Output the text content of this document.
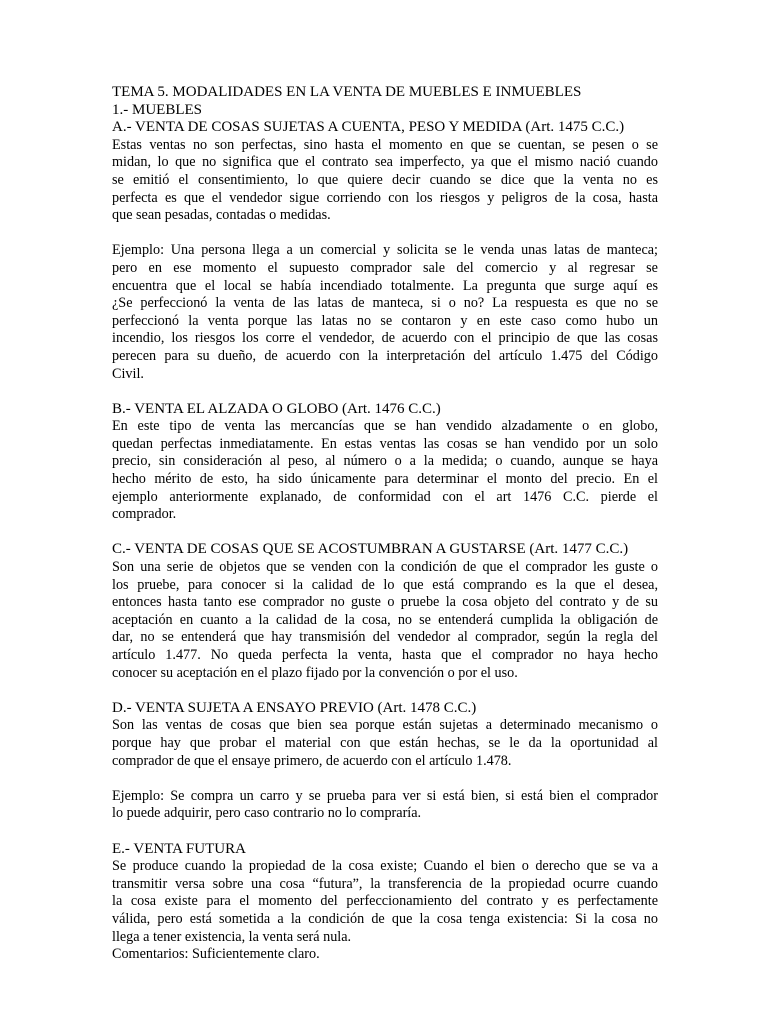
TEMA 5. MODALIDADES EN LA VENTA DE MUEBLES E INMUEBLES
1.- MUEBLES
A.- VENTA DE COSAS SUJETAS A CUENTA, PESO Y MEDIDA (Art. 1475 C.C.)
Estas ventas no son perfectas, sino hasta el momento en que se cuentan, se pesen o se
midan, lo que no significa que el contrato sea imperfecto, ya que el mismo nació cuando
se emitió el consentimiento, lo que quiere decir cuando se dice que la venta no es
perfecta es que el vendedor sigue corriendo con los riesgos y peligros de la cosa, hasta
que sean pesadas, contadas o medidas.
Ejemplo: Una persona llega a un comercial y solicita se le venda unas latas de manteca;
pero en ese momento el supuesto comprador sale del comercio y al regresar se
encuentra que el local se había incendiado totalmente. La pregunta que surge aquí es
¿Se perfeccionó la venta de las latas de manteca, si o no? La respuesta es que no se
perfeccionó la venta porque las latas no se contaron y en este caso como hubo un
incendio, los riesgos los corre el vendedor, de acuerdo con el principio de que las cosas
perecen para su dueño, de acuerdo con la interpretación del artículo 1.475 del Código
Civil.
B.- VENTA EL ALZADA O GLOBO (Art. 1476 C.C.)
En este tipo de venta las mercancías que se han vendido alzadamente o en globo,
quedan perfectas inmediatamente. En estas ventas las cosas se han vendido por un solo
precio, sin consideración al peso, al número o a la medida; o cuando, aunque se haya
hecho mérito de esto, ha sido únicamente para determinar el monto del precio. En el
ejemplo anteriormente explanado, de conformidad con el art 1476 C.C. pierde el
comprador.
C.- VENTA DE COSAS QUE SE ACOSTUMBRAN A GUSTARSE (Art. 1477 C.C.)
Son una serie de objetos que se venden con la condición de que el comprador les guste o
los pruebe, para conocer si la calidad de lo que está comprando es la que el desea,
entonces hasta tanto ese comprador no guste o pruebe la cosa objeto del contrato y de su
aceptación en cuanto a la calidad de la cosa, no se entenderá cumplida la obligación de
dar, no se entenderá que hay transmisión del vendedor al comprador, según la regla del
artículo 1.477. No queda perfecta la venta, hasta que el comprador no haya hecho
conocer su aceptación en el plazo fijado por la convención o por el uso.
D.- VENTA SUJETA A ENSAYO PREVIO (Art. 1478 C.C.)
Son las ventas de cosas que bien sea porque están sujetas a determinado mecanismo o
porque hay que probar el material con que están hechas, se le da la oportunidad al
comprador de que el ensaye primero, de acuerdo con el artículo 1.478.
Ejemplo: Se compra un carro y se prueba para ver si está bien, si está bien el comprador
lo puede adquirir, pero caso contrario no lo compraría.
E.- VENTA FUTURA
Se produce cuando la propiedad de la cosa existe; Cuando el bien o derecho que se va a
transmitir versa sobre una cosa “futura”, la transferencia de la propiedad ocurre cuando
la cosa existe para el momento del perfeccionamiento del contrato y es perfectamente
válida, pero está sometida a la condición de que la cosa tenga existencia: Si la cosa no
llega a tener existencia, la venta será nula.
Comentarios: Suficientemente claro.
